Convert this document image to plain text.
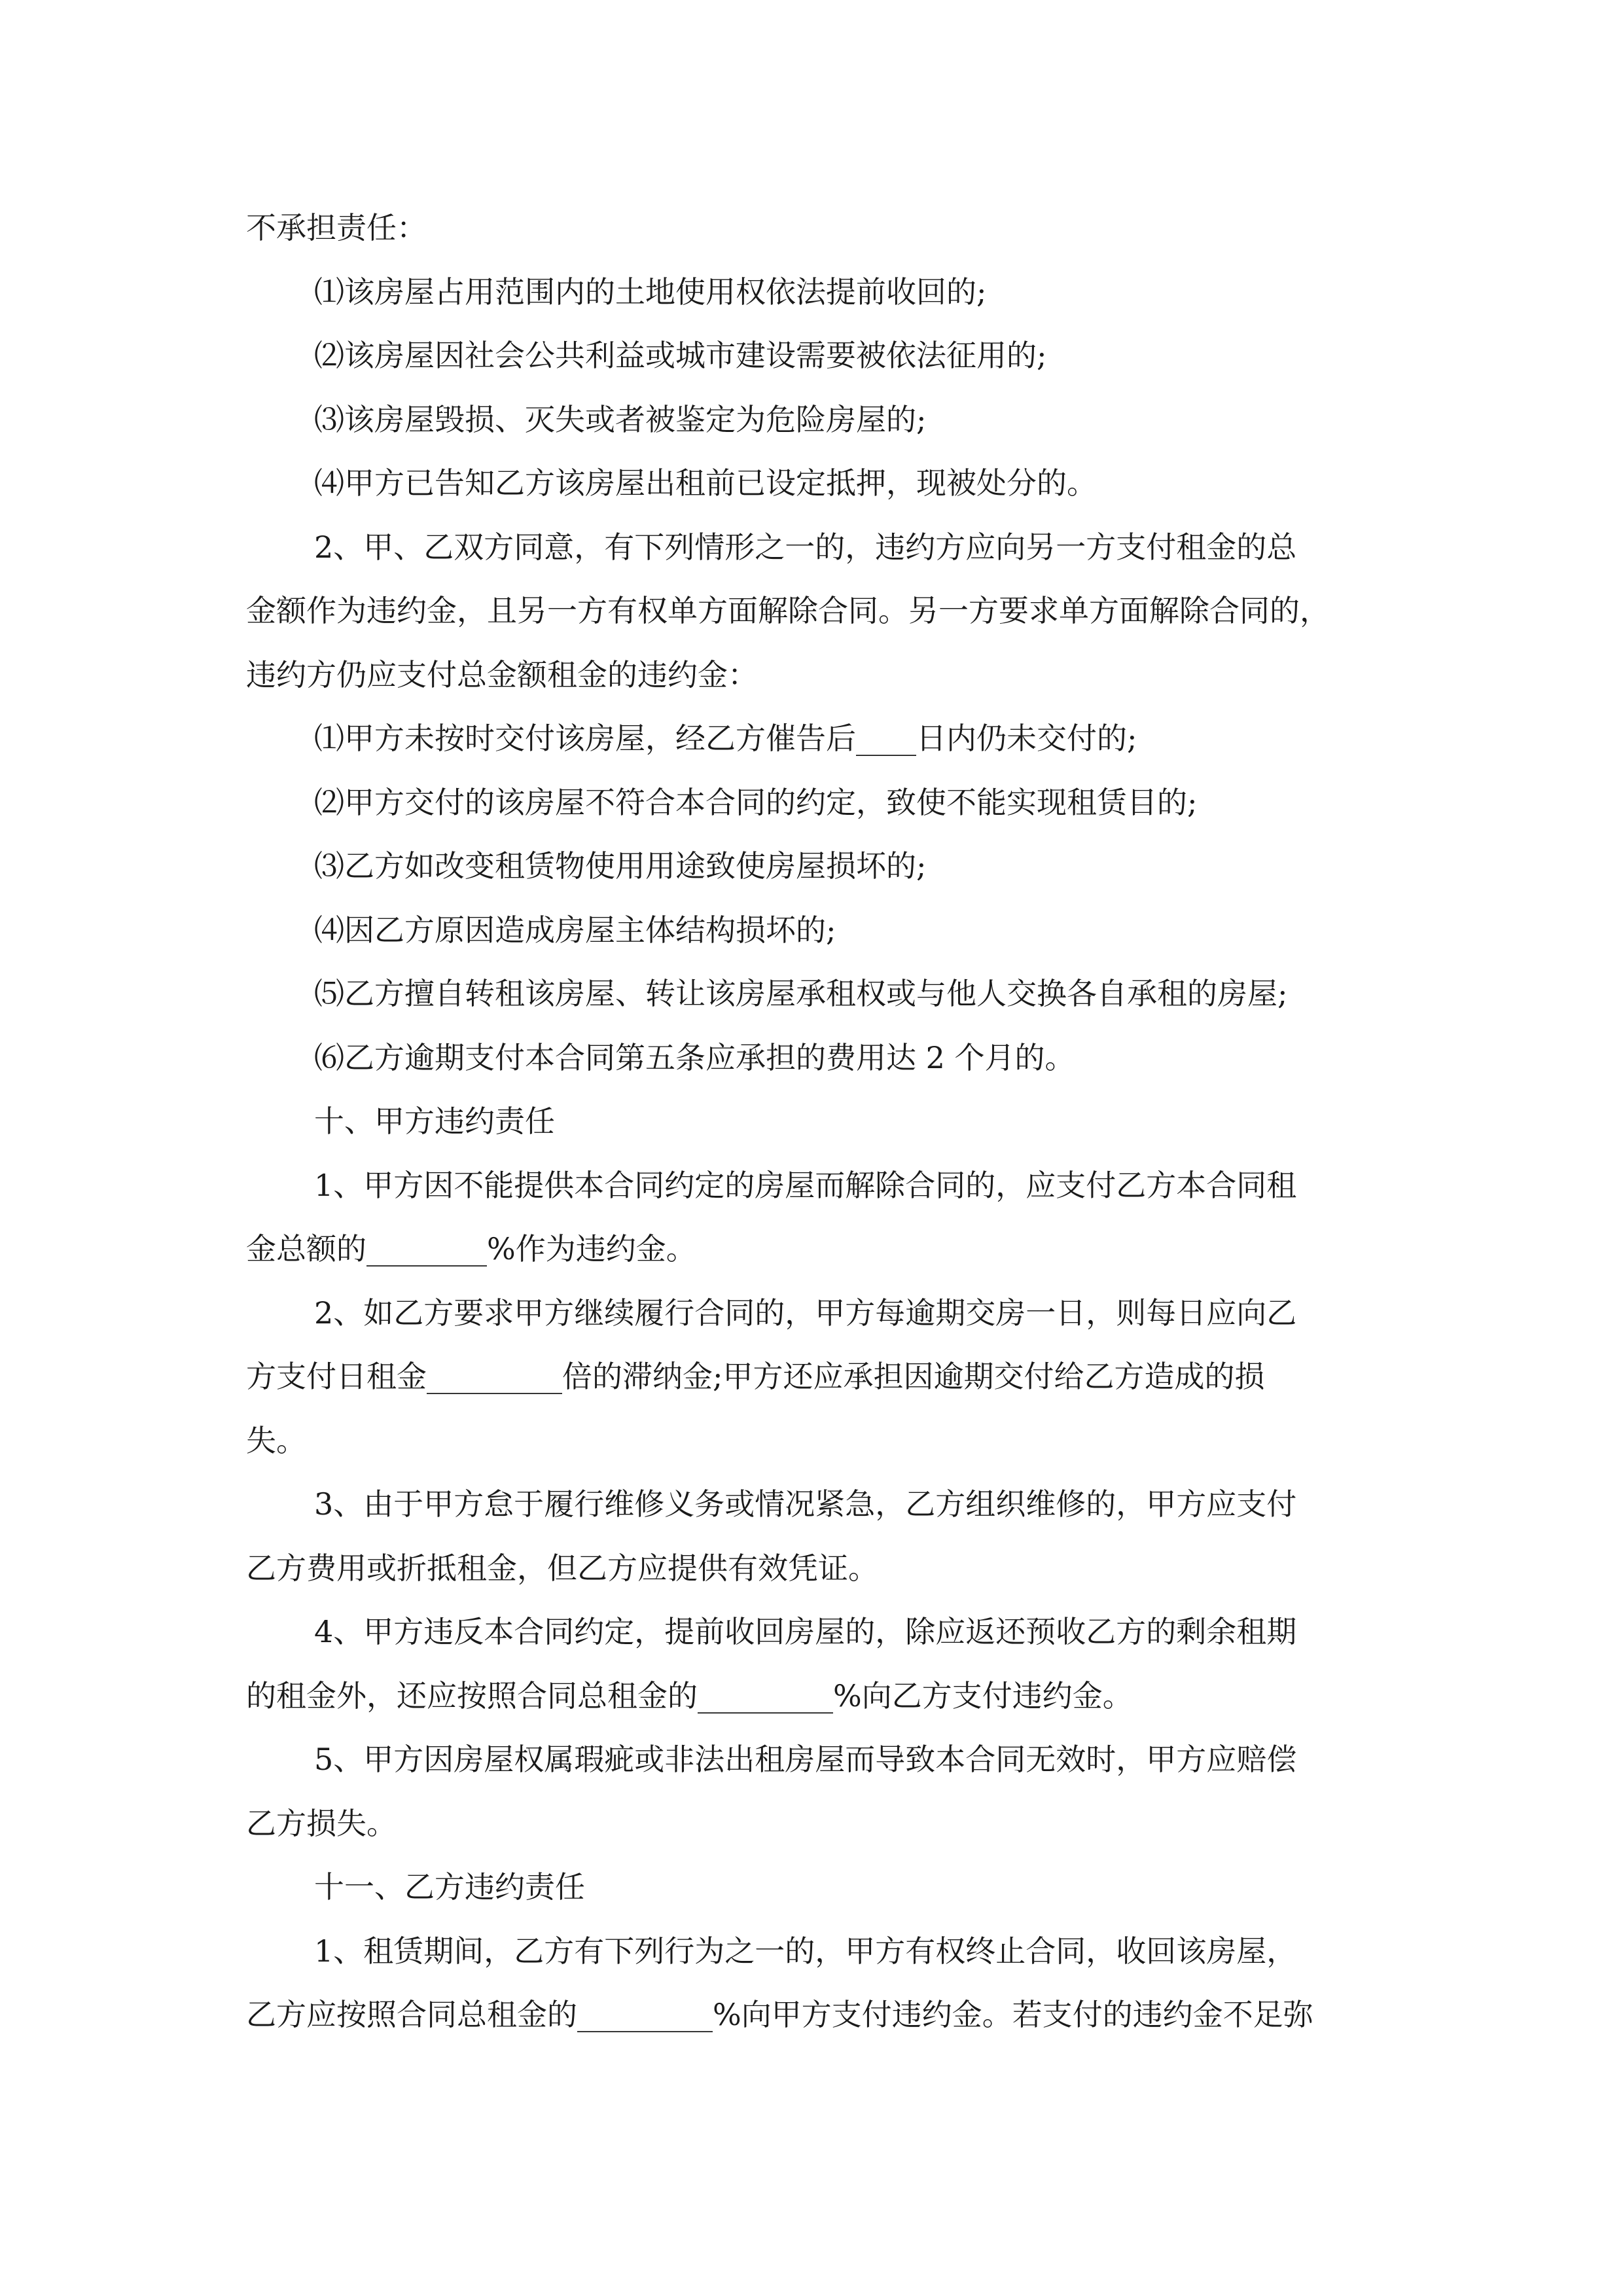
不承担责任：

⑴该房屋占用范围内的土地使用权依法提前收回的;

⑵该房屋因社会公共利益或城市建设需要被依法征用的;

⑶该房屋毁损、灭失或者被鉴定为危险房屋的;

⑷甲方已告知乙方该房屋出租前已设定抵押，现被处分的。

2、甲、乙双方同意，有下列情形之一的，违约方应向另一方支付租金的总

金额作为违约金，且另一方有权单方面解除合同。另一方要求单方面解除合同的，

违约方仍应支付总金额租金的违约金：

⑴甲方未按时交付该房屋，经乙方催告后____日内仍未交付的;

⑵甲方交付的该房屋不符合本合同的约定，致使不能实现租赁目的;

⑶乙方如改变租赁物使用用途致使房屋损坏的;

⑷因乙方原因造成房屋主体结构损坏的;

⑸乙方擅自转租该房屋、转让该房屋承租权或与他人交换各自承租的房屋;

⑹乙方逾期支付本合同第五条应承担的费用达 2 个月的。

十、甲方违约责任

1、甲方因不能提供本合同约定的房屋而解除合同的，应支付乙方本合同租

金总额的________%作为违约金。

2、如乙方要求甲方继续履行合同的，甲方每逾期交房一日，则每日应向乙

方支付日租金_________倍的滞纳金;甲方还应承担因逾期交付给乙方造成的损

失。

3、由于甲方怠于履行维修义务或情况紧急，乙方组织维修的，甲方应支付

乙方费用或折抵租金，但乙方应提供有效凭证。

4、甲方违反本合同约定，提前收回房屋的，除应返还预收乙方的剩余租期

的租金外，还应按照合同总租金的_________%向乙方支付违约金。

5、甲方因房屋权属瑕疵或非法出租房屋而导致本合同无效时，甲方应赔偿

乙方损失。

十一、乙方违约责任

1、租赁期间，乙方有下列行为之一的，甲方有权终止合同，收回该房屋，

乙方应按照合同总租金的_________%向甲方支付违约金。若支付的违约金不足弥
